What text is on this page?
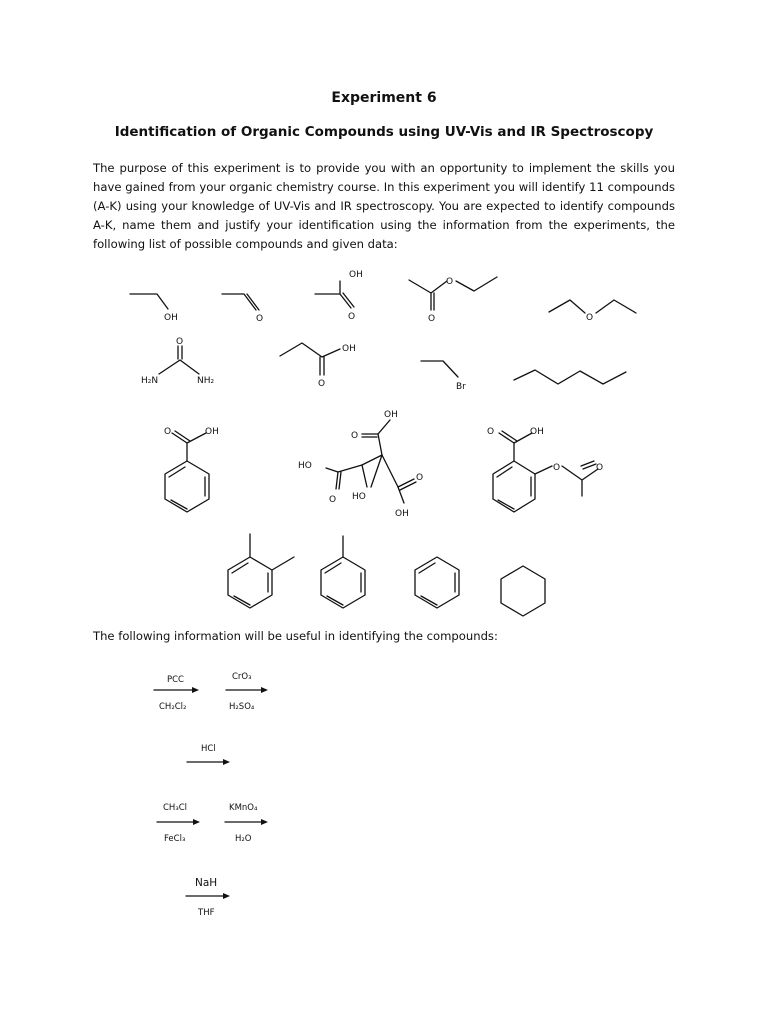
Experiment 6
Identification of Organic Compounds using UV-Vis and IR Spectroscopy

The purpose of this experiment is to provide you with an opportunity to implement the skills you have gained from your organic chemistry course. In this experiment you will identify 11 compounds (A-K) using your knowledge of UV-Vis and IR spectroscopy. You are expected to identify compounds A-K, name them and justify your identification using the information from the experiments, the following list of possible compounds and given data:

OH	O
OH
O
O
O	O
O
H₂N	NH₂
OH
O	Br
O	OH	O
OH
HO
O HO
O
OH
O	OH
O	O
PCC
CH₂Cl₂
CrO₃
H₂SO₄
HCl
CH₃Cl
FeCl₃
KMnO₄
H₂O
NaH
THF

The following information will be useful in identifying the compounds:
